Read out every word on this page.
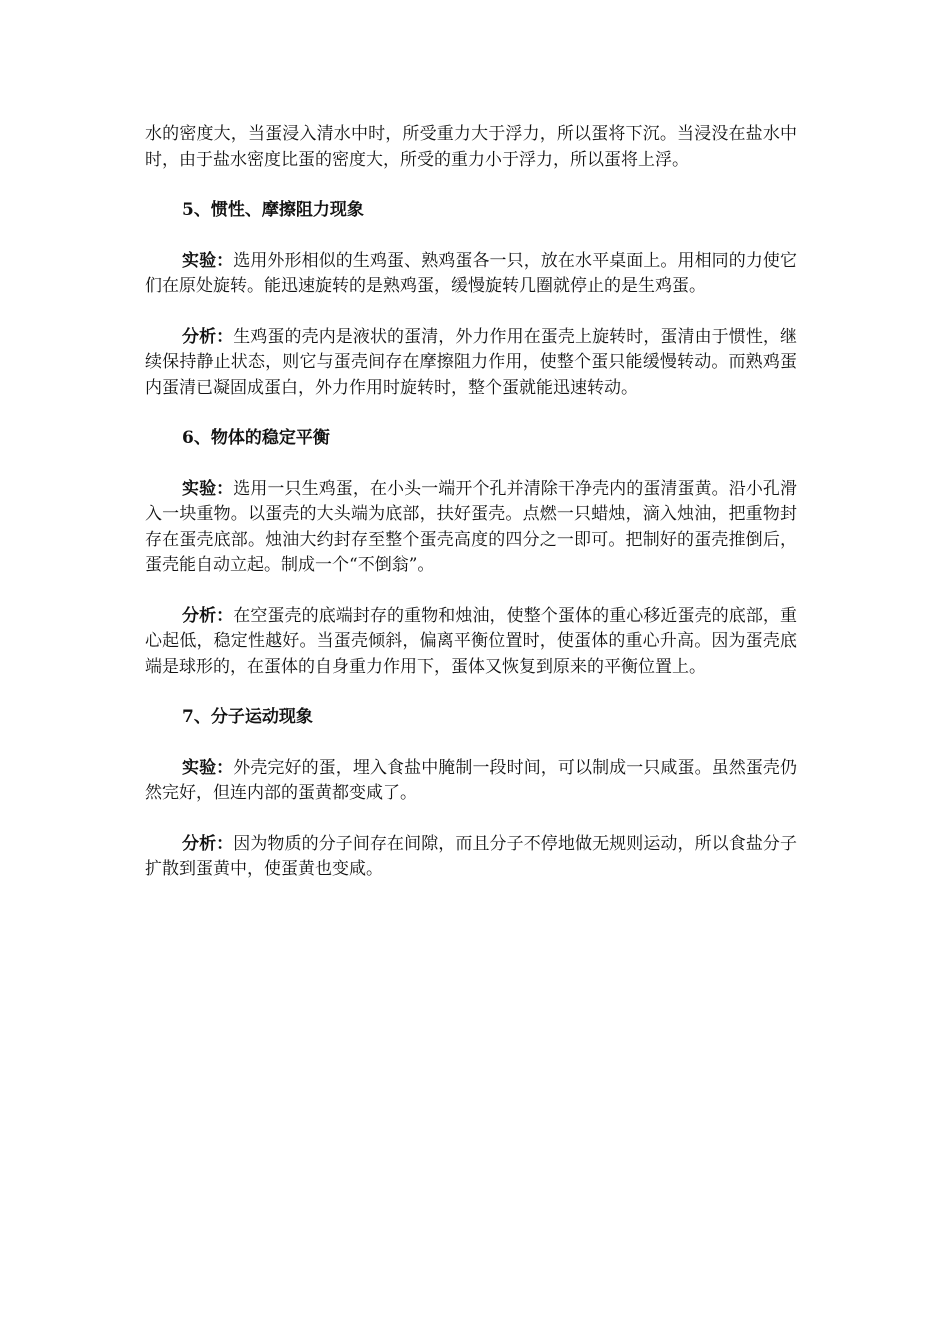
水的密度大，当蛋浸入清水中时，所受重力大于浮力，所以蛋将下沉。当浸没在盐水中时，由于盐水密度比蛋的密度大，所受的重力小于浮力，所以蛋将上浮。

5、惯性、摩擦阻力现象

实验：选用外形相似的生鸡蛋、熟鸡蛋各一只，放在水平桌面上。用相同的力使它们在原处旋转。能迅速旋转的是熟鸡蛋，缓慢旋转几圈就停止的是生鸡蛋。

分析：生鸡蛋的壳内是液状的蛋清，外力作用在蛋壳上旋转时，蛋清由于惯性，继续保持静止状态，则它与蛋壳间存在摩擦阻力作用，使整个蛋只能缓慢转动。而熟鸡蛋内蛋清已凝固成蛋白，外力作用时旋转时，整个蛋就能迅速转动。

6、物体的稳定平衡

实验：选用一只生鸡蛋，在小头一端开个孔并清除干净壳内的蛋清蛋黄。沿小孔滑入一块重物。以蛋壳的大头端为底部，扶好蛋壳。点燃一只蜡烛，滴入烛油，把重物封存在蛋壳底部。烛油大约封存至整个蛋壳高度的四分之一即可。把制好的蛋壳推倒后，蛋壳能自动立起。制成一个“不倒翁”。

分析：在空蛋壳的底端封存的重物和烛油，使整个蛋体的重心移近蛋壳的底部，重心起低，稳定性越好。当蛋壳倾斜，偏离平衡位置时，使蛋体的重心升高。因为蛋壳底端是球形的，在蛋体的自身重力作用下，蛋体又恢复到原来的平衡位置上。

7、分子运动现象

实验：外壳完好的蛋，埋入食盐中腌制一段时间，可以制成一只咸蛋。虽然蛋壳仍然完好，但连内部的蛋黄都变咸了。

分析：因为物质的分子间存在间隙，而且分子不停地做无规则运动，所以食盐分子扩散到蛋黄中，使蛋黄也变咸。
